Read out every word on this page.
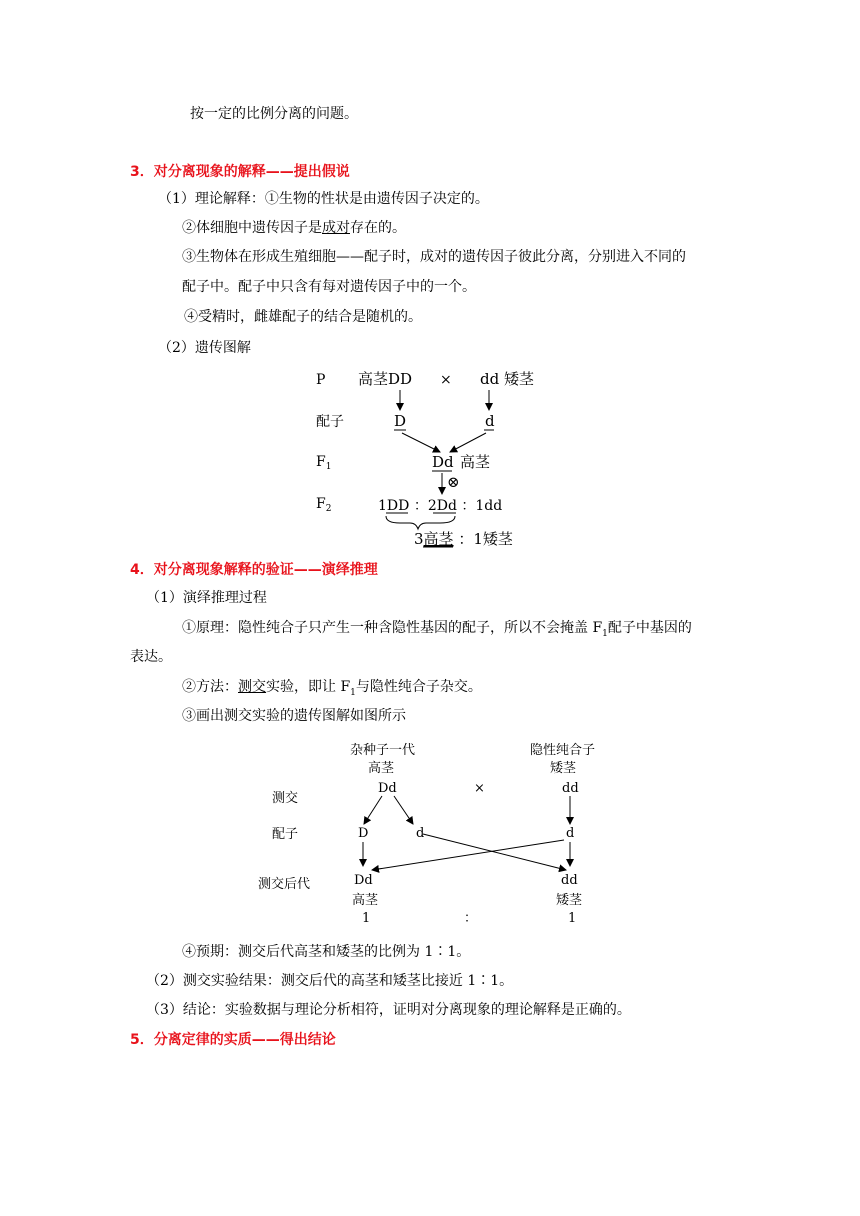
按一定的比例分离的问题。
3．对分离现象的解释——提出假说
（1）理论解释：①生物的性状是由遗传因子决定的。
②体细胞中遗传因子是成对存在的。
③生物体在形成生殖细胞——配子时，成对的遗传因子彼此分离，分别进入不同的
配子中。配子中只含有每对遗传因子中的一个。
④受精时，雌雄配子的结合是随机的。
（2）遗传图解
P
配子
$F_1$
$F_2$
高茎DD × dd 矮茎
D	d
Dd 高茎
⊗
1DD ：2Dd ：1dd
3高茎 ：1矮茎
4．对分离现象解释的验证——演绎推理
（1）演绎推理过程
①原理：隐性纯合子只产生一种含隐性基因的配子，所以不会掩盖 $F_1$配子中基因的
表达。
②方法：测交实验，即让 $F_1$与隐性纯合子杂交。
③画出测交实验的遗传图解如图所示
杂种子一代
高茎
隐性纯合子
矮茎
测交
Dd	×	dd
配子	D	d	d
测交后代	Dd	dd
高茎	矮茎
1	：	1
④预期：测交后代高茎和矮茎的比例为 1∶1。
（2）测交实验结果：测交后代的高茎和矮茎比接近 1∶1。
（3）结论：实验数据与理论分析相符，证明对分离现象的理论解释是正确的。
5．分离定律的实质——得出结论
